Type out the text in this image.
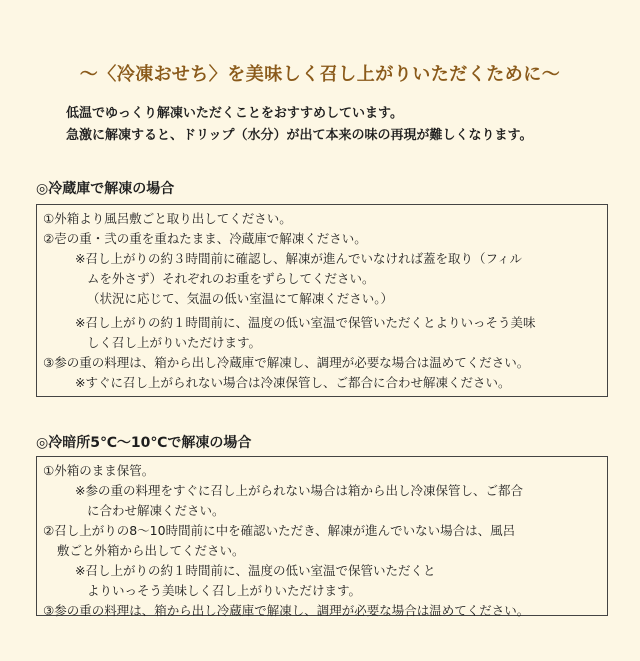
～〈冷凍おせち〉を美味しく召し上がりいただくために～
低温でゆっくり解凍いただくことをおすすめしています。
急激に解凍すると、ドリップ（水分）が出て本来の味の再現が難しくなります。
◎冷蔵庫で解凍の場合
①外箱より風呂敷ごと取り出してください。
②壱の重・弐の重を重ねたまま、冷蔵庫で解凍ください。
※召し上がりの約３時間前に確認し、解凍が進んでいなければ蓋を取り（フィル
ムを外さず）それぞれのお重をずらしてください。
（状況に応じて、気温の低い室温にて解凍ください。）
※召し上がりの約１時間前に、温度の低い室温で保管いただくとよりいっそう美味
しく召し上がりいただけます。
③参の重の料理は、箱から出し冷蔵庫で解凍し、調理が必要な場合は温めてください。
※すぐに召し上がられない場合は冷凍保管し、ご都合に合わせ解凍ください。
◎冷暗所5℃～10℃で解凍の場合
①外箱のまま保管。
※参の重の料理をすぐに召し上がられない場合は箱から出し冷凍保管し、ご都合
に合わせ解凍ください。
②召し上がりの8～10時間前に中を確認いただき、解凍が進んでいない場合は、風呂
敷ごと外箱から出してください。
※召し上がりの約１時間前に、温度の低い室温で保管いただくと
よりいっそう美味しく召し上がりいただけます。
③参の重の料理は、箱から出し冷蔵庫で解凍し、調理が必要な場合は温めてください。
